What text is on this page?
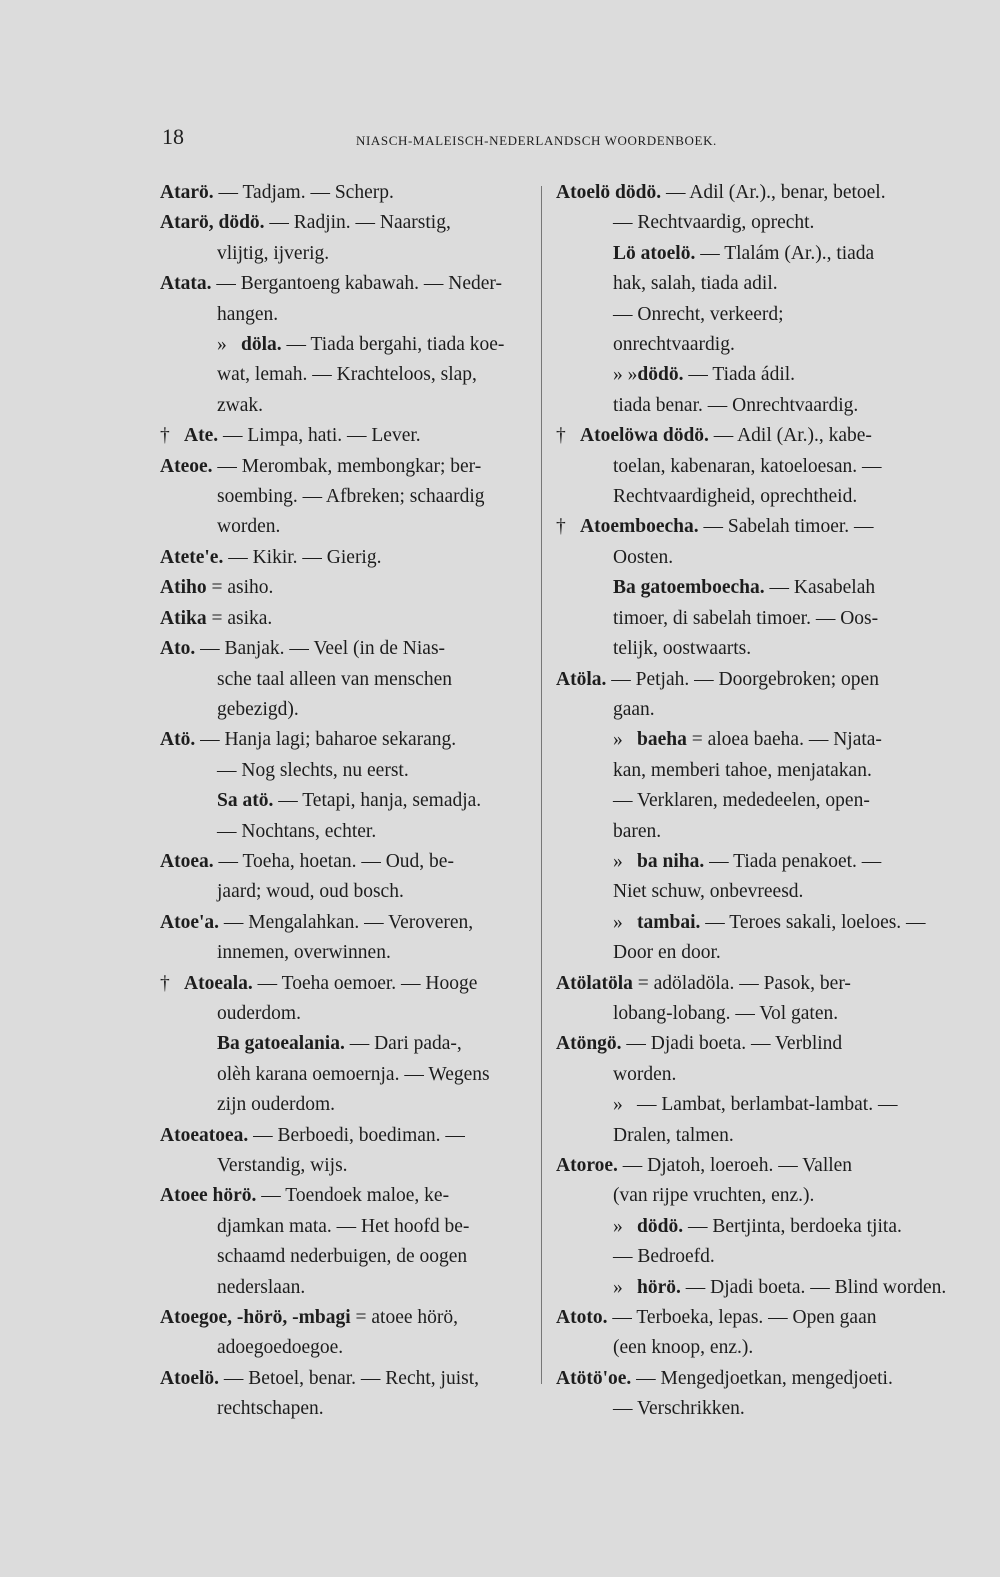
18	NIASCH-MALEISCH-NEDERLANDSCH WOORDENBOEK.
Atarö. — Tadjam. — Scherp.
Atarö, dödö. — Radjin. — Naarstig,
vlijtig, ijverig.
Atata. — Bergantoeng kabawah. — Neder-
hangen.
» döla. — Tiada bergahi, tiada koe-
wat, lemah. — Krachteloos, slap,
zwak.
† Ate. — Limpa, hati. — Lever.
Ateoe. — Merombak, membongkar; ber-
soembing. — Afbreken; schaardig
worden.
Atete'e. — Kikir. — Gierig.
Atiho = asiho.
Atika = asika.
Ato. — Banjak. — Veel (in de Nias-
sche taal alleen van menschen
gebezigd).
Atö. — Hanja lagi; baharoe sekarang.
— Nog slechts, nu eerst.
Sa atö. — Tetapi, hanja, semadja.
— Nochtans, echter.
Atoea. — Toeha, hoetan. — Oud, be-
jaard; woud, oud bosch.
Atoe'a. — Mengalahkan. — Veroveren,
innemen, overwinnen.
† Atoeala. — Toeha oemoer. — Hooge
ouderdom.
Ba gatoealania. — Dari pada-,
olèh karana oemoernja. — Wegens
zijn ouderdom.
Atoeatoea. — Berboedi, boediman. —
Verstandig, wijs.
Atoee hörö. — Toendoek maloe, ke-
djamkan mata. — Het hoofd be-
schaamd nederbuigen, de oogen
nederslaan.
Atoegoe, -hörö, -mbagi = atoee hörö,
adoegoedoegoe.
Atoelö. — Betoel, benar. — Recht, juist,
rechtschapen.
Atoelö dödö. — Adil (Ar.)., benar, betoel.
— Rechtvaardig, oprecht.
Lö atoelö. — Tlalám (Ar.)., tiada
hak, salah, tiada adil.
— Onrecht, verkeerd;
onrechtvaardig.
» »dödö. — Tiada ádil.
tiada benar. — Onrechtvaardig.
† Atoelöwa dödö. — Adil (Ar.)., kabe-
toelan, kabenaran, katoeloesan. —
Rechtvaardigheid, oprechtheid.
† Atoemboecha. — Sabelah timoer. —
Oosten.
Ba gatoemboecha. — Kasabelah
timoer, di sabelah timoer. — Oos-
telijk, oostwaarts.
Atöla. — Petjah. — Doorgebroken; open
gaan.
» baeha = aloea baeha. — Njata-
kan, memberi tahoe, menjatakan.
— Verklaren, mededeelen, open-
baren.
» ba niha. — Tiada penakoet. —
Niet schuw, onbevreesd.
» tambai. — Teroes sakali, loeloes. —
Door en door.
Atölatöla = adöladöla. — Pasok, ber-
lobang-lobang. — Vol gaten.
Atöngö. — Djadi boeta. — Verblind
worden.
» — Lambat, berlambat-lambat. —
Dralen, talmen.
Atoroe. — Djatoh, loeroeh. — Vallen
(van rijpe vruchten, enz.).
» dödö. — Bertjinta, berdoeka tjita.
— Bedroefd.
» hörö. — Djadi boeta. — Blind worden.
Atoto. — Terboeka, lepas. — Open gaan
(een knoop, enz.).
Atötö'oe. — Mengedjoetkan, mengedjoeti.
— Verschrikken.
